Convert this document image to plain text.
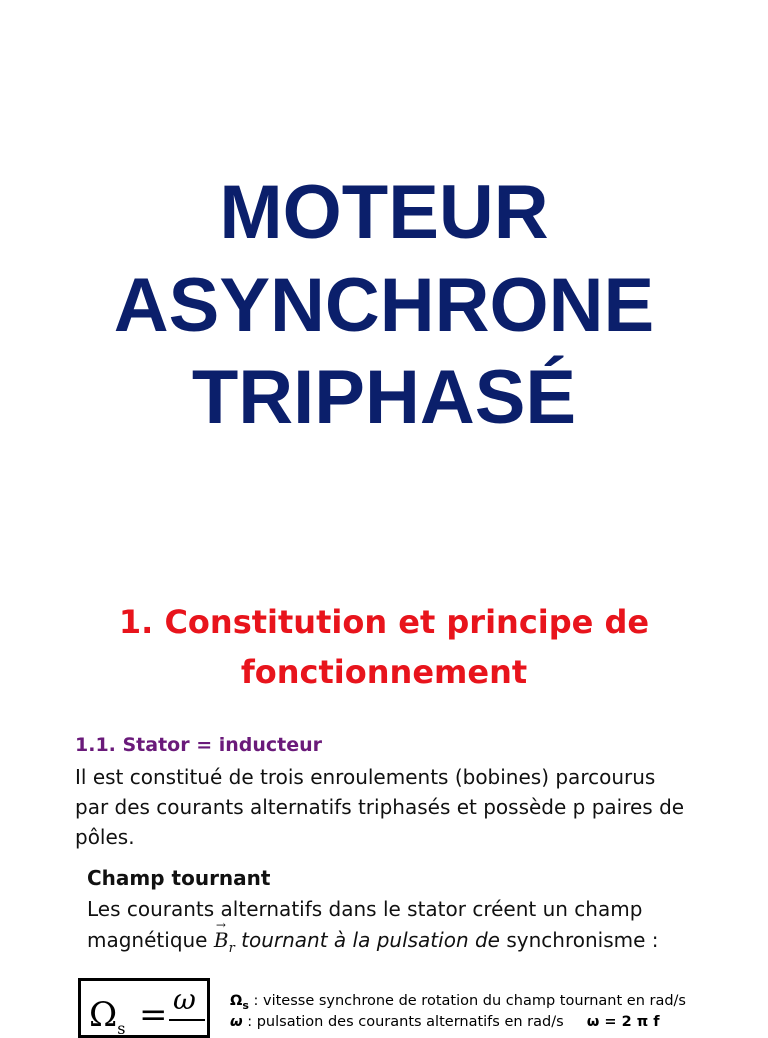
MOTEUR
ASYNCHRONE
TRIPHASÉ
1. Constitution et principe de
fonctionnement
1.1. Stator = inducteur
Il est constitué de trois enroulements (bobines) parcourus
par des courants alternatifs triphasés et possède p paires de
pôles.
Champ tournant
Les courants alternatifs dans le stator créent un champ
magnétique
→
$B_r$ tournant à la pulsation de synchronisme :
$\Omega_s = \omega$ $\Omega_s$ : vitesse synchrone de rotation du champ tournant en rad/s
ω : pulsation des courants alternatifs en rad/s     ω = 2 π f
